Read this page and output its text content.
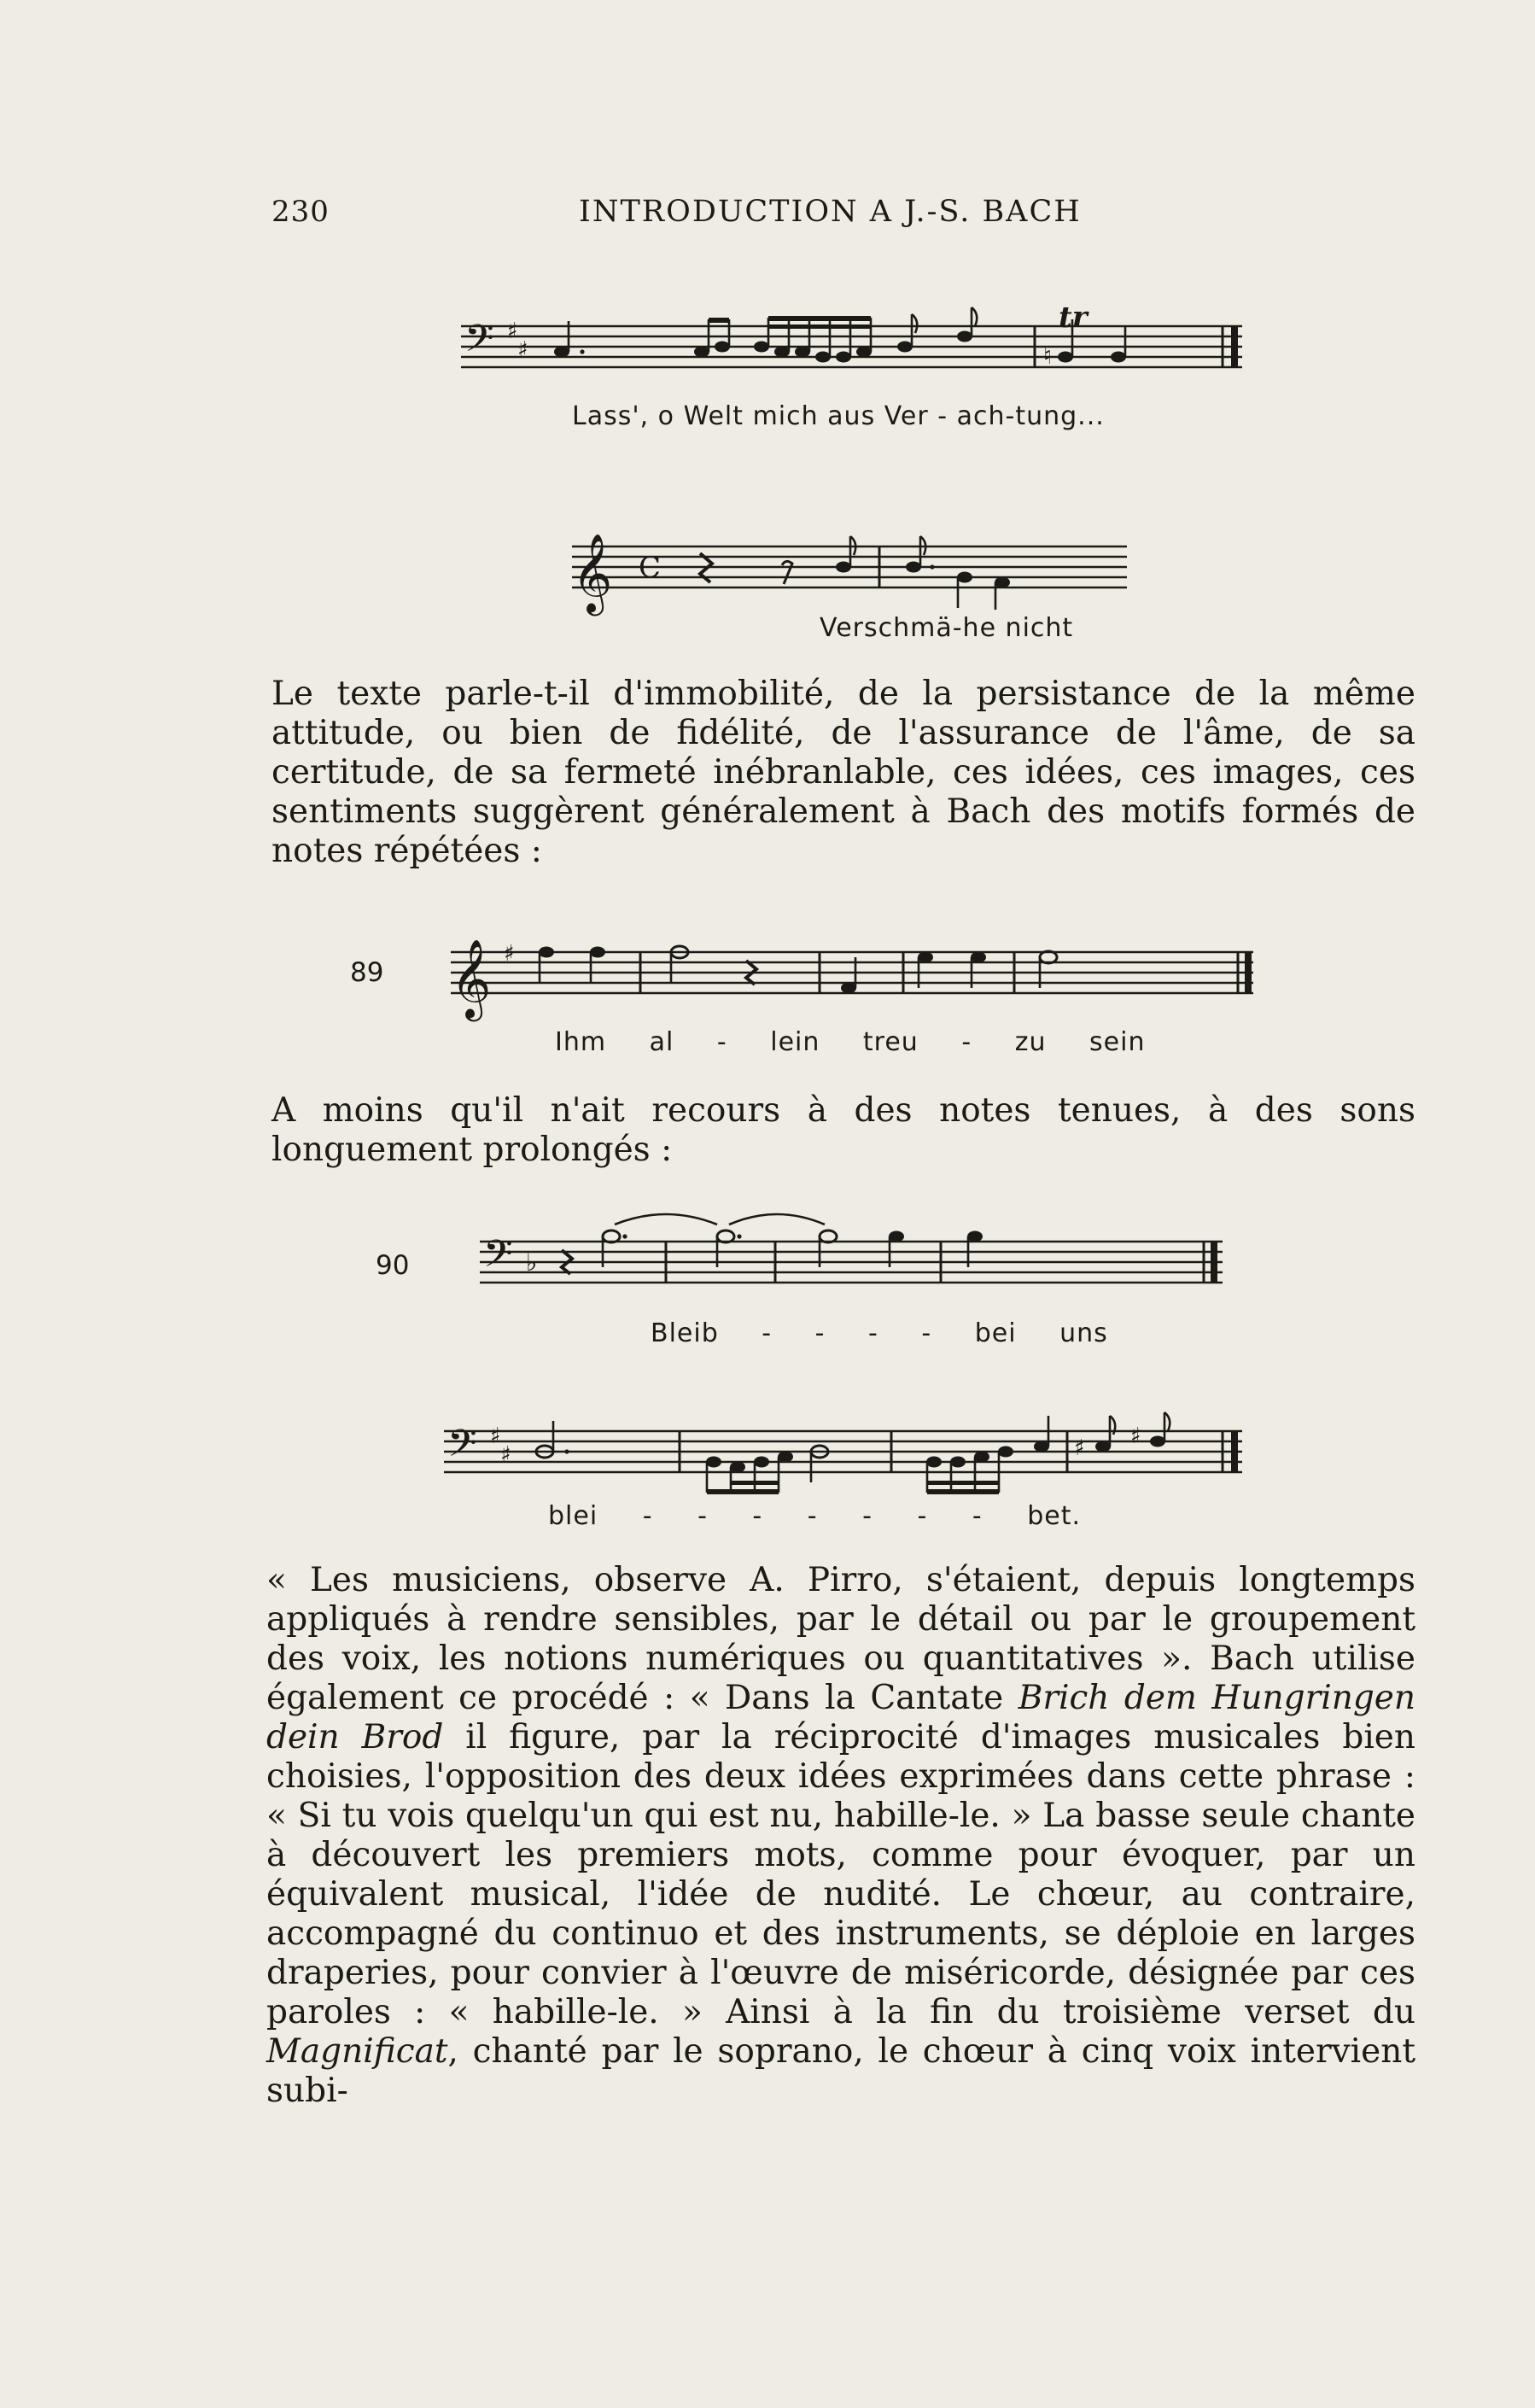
230	INTRODUCTION A J.-S. BACH
𝄢 ♯
♯	♮
tr
Lass', o Welt mich aus Ver - ach-tung...
𝄞 C
Verschmä-he nicht

Le texte parle-t-il d'immobilité, de la persistance de la même attitude, ou bien de fidélité, de l'assurance de l'âme, de sa certitude, de sa fermeté inébranlable, ces idées, ces images, ces sentiments suggèrent généralement à Bach des motifs formés de notes répétées :

89 𝄞 ♯
Ihm al - lein treu - zu sein

A moins qu'il n'ait recours à des notes tenues, à des sons longuement prolongés :

90 𝄢 ♭
Bleib - - - - bei uns
𝄢 ♯
♯	♯ ♯
blei - - - - - - - bet.

« Les musiciens, observe A. Pirro, s'étaient, depuis longtemps appliqués à rendre sensibles, par le détail ou par le groupement des voix, les notions numériques ou quantitatives ». Bach utilise également ce procédé : « Dans la Cantate Brich dem Hungringen dein Brod il figure, par la réciprocité d'images musicales bien choisies, l'opposition des deux idées exprimées dans cette phrase : « Si tu vois quelqu'un qui est nu, habille-le. » La basse seule chante à découvert les premiers mots, comme pour évoquer, par un équivalent musical, l'idée de nudité. Le chœur, au contraire, accompagné du continuo et des instruments, se déploie en larges draperies, pour convier à l'œuvre de miséricorde, désignée par ces paroles : « habille-le. » Ainsi à la fin du troisième verset du Magnificat, chanté par le soprano, le chœur à cinq voix intervient subi-
